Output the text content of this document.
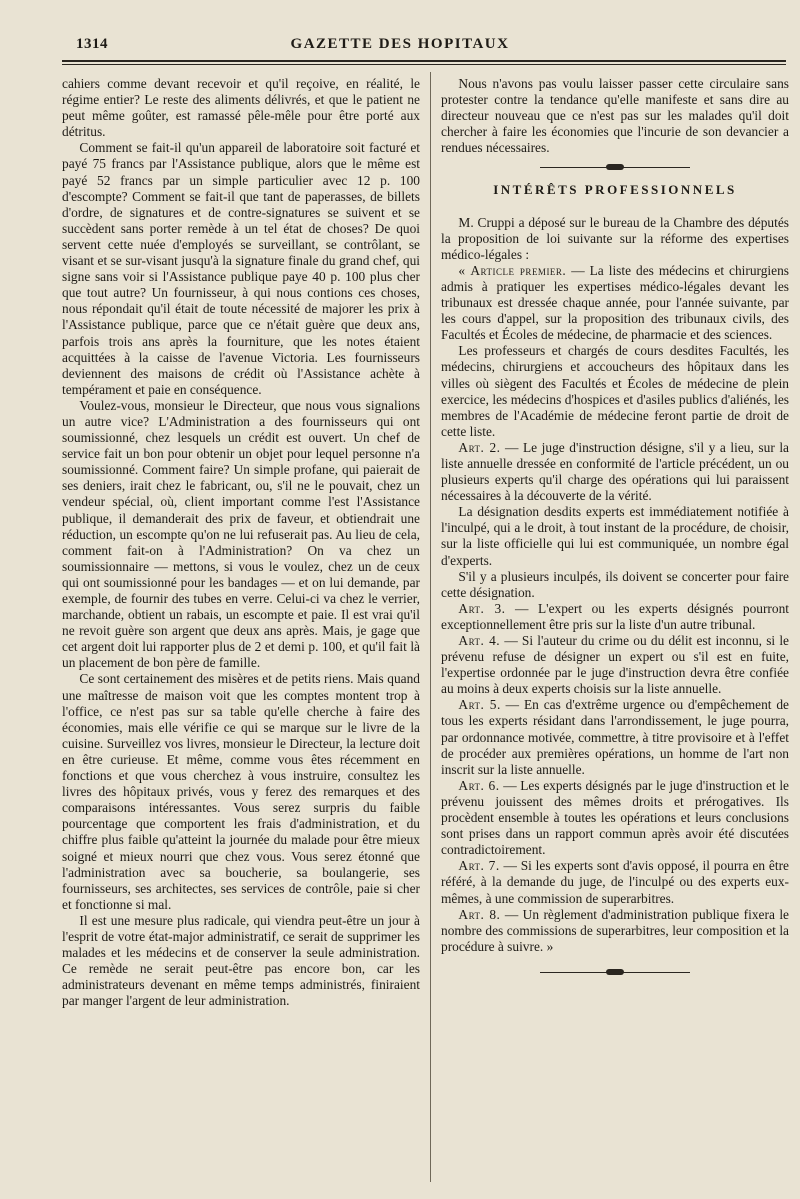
1314	GAZETTE DES HOPITAUX

cahiers comme devant recevoir et qu'il reçoive, en réalité, le régime entier? Le reste des aliments délivrés, et que le patient ne peut même goûter, est ramassé pêle-mêle pour être porté aux détritus.

Comment se fait-il qu'un appareil de laboratoire soit facturé et payé 75 francs par l'Assistance publique, alors que le même est payé 52 francs par un simple particulier avec 12 p. 100 d'escompte? Comment se fait-il que tant de paperasses, de billets d'ordre, de signatures et de contre-signatures se suivent et se succèdent sans porter remède à un tel état de choses? De quoi servent cette nuée d'employés se surveillant, se contrôlant, se visant et se sur-visant jusqu'à la signature finale du grand chef, qui signe sans voir si l'Assistance publique paye 40 p. 100 plus cher que tout autre? Un fournisseur, à qui nous contions ces choses, nous répondait qu'il était de toute nécessité de majorer les prix à l'Assistance publique, parce que ce n'était guère que deux ans, parfois trois ans après la fourniture, que les notes étaient acquittées à la caisse de l'avenue Victoria. Les fournisseurs deviennent des maisons de crédit où l'Assistance achète à tempérament et paie en conséquence.

Voulez-vous, monsieur le Directeur, que nous vous signalions un autre vice? L'Administration a des fournisseurs qui ont soumissionné, chez lesquels un crédit est ouvert. Un chef de service fait un bon pour obtenir un objet pour lequel personne n'a soumissionné. Comment faire? Un simple profane, qui paierait de ses deniers, irait chez le fabricant, ou, s'il ne le pouvait, chez un vendeur spécial, où, client important comme l'est l'Assistance publique, il demanderait des prix de faveur, et obtiendrait une réduction, un escompte qu'on ne lui refuserait pas. Au lieu de cela, comment fait-on à l'Administration? On va chez un soumissionnaire — mettons, si vous le voulez, chez un de ceux qui ont soumissionné pour les bandages — et on lui demande, par exemple, de fournir des tubes en verre. Celui-ci va chez le verrier, marchande, obtient un rabais, un escompte et paie. Il est vrai qu'il ne revoit guère son argent que deux ans après. Mais, je gage que cet argent doit lui rapporter plus de 2 et demi p. 100, et qu'il fait là un placement de bon père de famille.

Ce sont certainement des misères et de petits riens. Mais quand une maîtresse de maison voit que les comptes montent trop à l'office, ce n'est pas sur sa table qu'elle cherche à faire des économies, mais elle vérifie ce qui se marque sur le livre de la cuisine. Surveillez vos livres, monsieur le Directeur, la lecture doit en être curieuse. Et même, comme vous êtes récemment en fonctions et que vous cherchez à vous instruire, consultez les livres des hôpitaux privés, vous y ferez des remarques et des comparaisons intéressantes. Vous serez surpris du faible pourcentage que comportent les frais d'administration, et du chiffre plus faible qu'atteint la journée du malade pour être mieux soigné et mieux nourri que chez vous. Vous serez étonné que l'administration avec sa boucherie, sa boulangerie, ses fournisseurs, ses architectes, ses services de contrôle, paie si cher et fonctionne si mal.

Il est une mesure plus radicale, qui viendra peut-être un jour à l'esprit de votre état-major administratif, ce serait de supprimer les malades et les médecins et de conserver la seule administration. Ce remède ne serait peut-être pas encore bon, car les administrateurs devenant en même temps administrés, finiraient par manger l'argent de leur administration.

Nous n'avons pas voulu laisser passer cette circulaire sans protester contre la tendance qu'elle manifeste et sans dire au directeur nouveau que ce n'est pas sur les malades qu'il doit chercher à faire les économies que l'incurie de son devancier a rendues nécessaires.

INTÉRÊTS PROFESSIONNELS

M. Cruppi a déposé sur le bureau de la Chambre des députés la proposition de loi suivante sur la réforme des expertises médico-légales :

« Article premier. — La liste des médecins et chirurgiens admis à pratiquer les expertises médico-légales devant les tribunaux est dressée chaque année, pour l'année suivante, par les cours d'appel, sur la proposition des tribunaux civils, des Facultés et Écoles de médecine, de pharmacie et des sciences.

Les professeurs et chargés de cours desdites Facultés, les médecins, chirurgiens et accoucheurs des hôpitaux dans les villes où siègent des Facultés et Écoles de médecine de plein exercice, les médecins d'hospices et d'asiles publics d'aliénés, les membres de l'Académie de médecine feront partie de droit de cette liste.

Art. 2. — Le juge d'instruction désigne, s'il y a lieu, sur la liste annuelle dressée en conformité de l'article précédent, un ou plusieurs experts qu'il charge des opérations qui lui paraissent nécessaires à la découverte de la vérité.

La désignation desdits experts est immédiatement notifiée à l'inculpé, qui a le droit, à tout instant de la procédure, de choisir, sur la liste officielle qui lui est communiquée, un nombre égal d'experts.

S'il y a plusieurs inculpés, ils doivent se concerter pour faire cette désignation.

Art. 3. — L'expert ou les experts désignés pourront exceptionnellement être pris sur la liste d'un autre tribunal.

Art. 4. — Si l'auteur du crime ou du délit est inconnu, si le prévenu refuse de désigner un expert ou s'il est en fuite, l'expertise ordonnée par le juge d'instruction devra être confiée au moins à deux experts choisis sur la liste annuelle.

Art. 5. — En cas d'extrême urgence ou d'empêchement de tous les experts résidant dans l'arrondissement, le juge pourra, par ordonnance motivée, commettre, à titre provisoire et à l'effet de procéder aux premières opérations, un homme de l'art non inscrit sur la liste annuelle.

Art. 6. — Les experts désignés par le juge d'instruction et le prévenu jouissent des mêmes droits et prérogatives. Ils procèdent ensemble à toutes les opérations et leurs conclusions sont prises dans un rapport commun après avoir été discutées contradictoirement.

Art. 7. — Si les experts sont d'avis opposé, il pourra en être référé, à la demande du juge, de l'inculpé ou des experts eux-mêmes, à une commission de superarbitres.

Art. 8. — Un règlement d'administration publique fixera le nombre des commissions de superarbitres, leur composition et la procédure à suivre. »
